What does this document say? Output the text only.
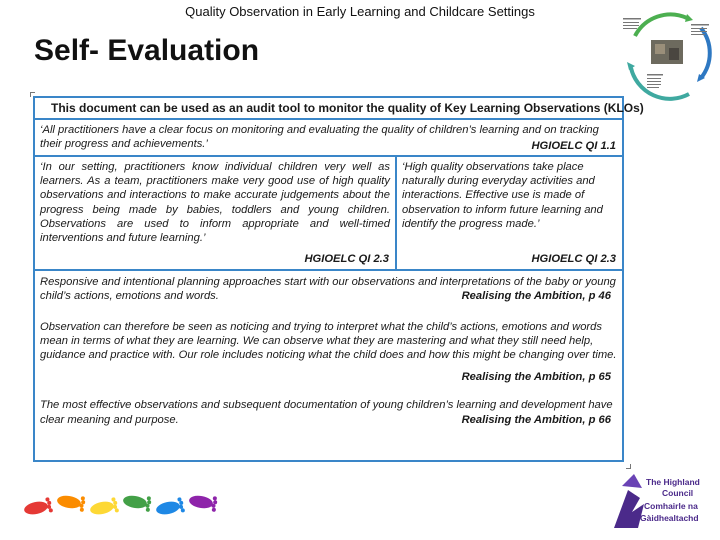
Quality Observation in Early Learning and Childcare Settings
Self- Evaluation
This document can be used as an audit tool to monitor the quality of Key Learning Observations (KLOs)
‘All practitioners have a clear focus on monitoring and evaluating the quality of children’s learning and on tracking their progress and achievements.’	HGIOELC QI 1.1
‘In our setting, practitioners know individual children very well as learners. As a team, practitioners make very good use of high quality observations and interactions to make accurate judgements about the progress being made by babies, toddlers and young children. Observations are used to inform appropriate and well-timed interventions and future learning.’
HGIOELC QI 2.3
‘High quality observations take place naturally during everyday activities and interactions. Effective use is made of observation to inform future learning and identify the progress made.’
HGIOELC QI 2.3

Responsive and intentional planning approaches start with our observations and interpretations of the baby or young child’s actions, emotions and words.	Realising the Ambition, p 46

Observation can therefore be seen as noticing and trying to interpret what the child’s actions, emotions and words mean in terms of what they are learning. We can observe what they are mastering and what they still need help, guidance and practice with. Our role includes noticing what the child does and how this might be changing over time.

Realising the Ambition, p 65

The most effective observations and subsequent documentation of young children’s learning and development have clear meaning and purpose.	Realising the Ambition, p 66

The Highland
Council
Comhairle na
Gàidhealtachd
